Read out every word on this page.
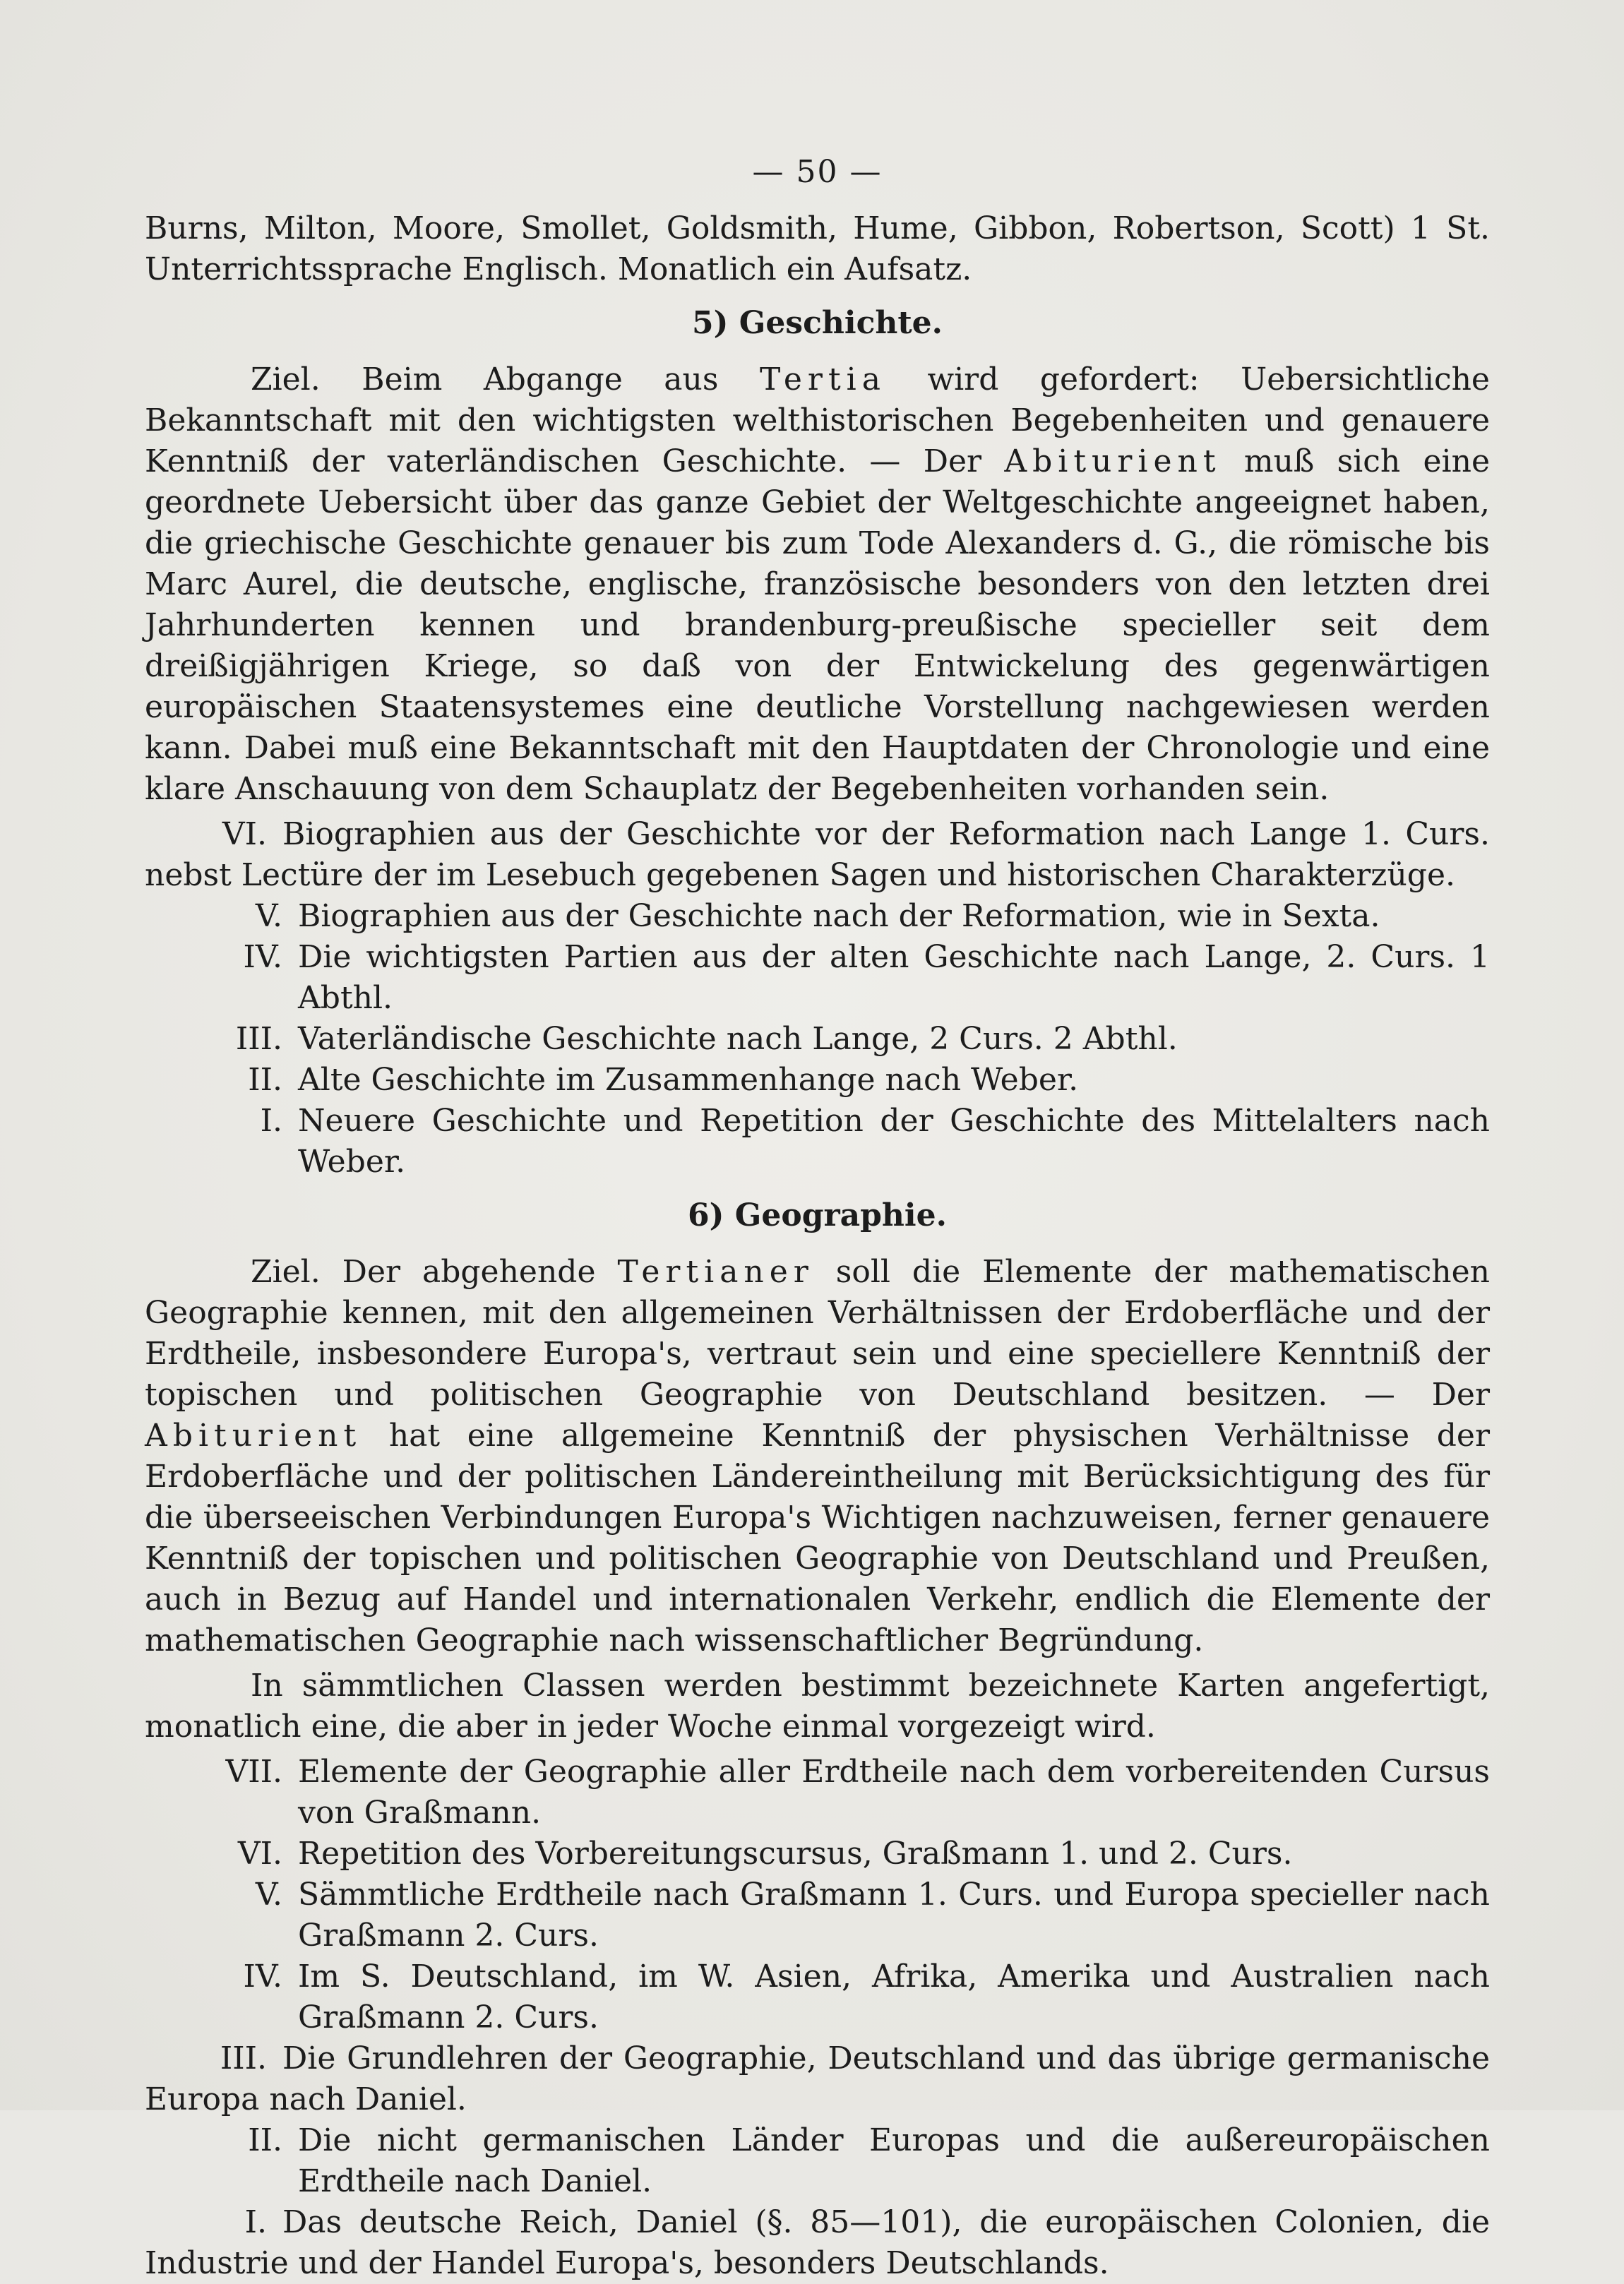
— 50 —

Burns, Milton, Moore, Smollet, Goldsmith, Hume, Gibbon, Robertson, Scott) 1 St. Unterrichtssprache Englisch. Monatlich ein Aufsatz.

5) Geschichte.

Ziel. Beim Abgange aus Tertia wird gefordert: Uebersichtliche Bekanntschaft mit den wichtigsten welthistorischen Begebenheiten und genauere Kenntniß der vaterländischen Geschichte. — Der Abiturient muß sich eine geordnete Uebersicht über das ganze Gebiet der Weltgeschichte angeeignet haben, die griechische Geschichte genauer bis zum Tode Alexanders d. G., die römische bis Marc Aurel, die deutsche, englische, französische besonders von den letzten drei Jahrhunderten kennen und brandenburg-preußische specieller seit dem dreißigjährigen Kriege, so daß von der Entwickelung des gegenwärtigen europäischen Staatensystemes eine deutliche Vorstellung nachgewiesen werden kann. Dabei muß eine Bekanntschaft mit den Hauptdaten der Chronologie und eine klare Anschauung von dem Schauplatz der Begebenheiten vorhanden sein.

VI. Biographien aus der Geschichte vor der Reformation nach Lange 1. Curs. nebst Lectüre der im Lesebuch gegebenen Sagen und historischen Charakterzüge.
V. Biographien aus der Geschichte nach der Reformation, wie in Sexta.
IV. Die wichtigsten Partien aus der alten Geschichte nach Lange, 2. Curs. 1 Abthl.
III. Vaterländische Geschichte nach Lange, 2 Curs. 2 Abthl.
II. Alte Geschichte im Zusammenhange nach Weber.
I. Neuere Geschichte und Repetition der Geschichte des Mittelalters nach Weber.
6) Geographie.

Ziel. Der abgehende Tertianer soll die Elemente der mathematischen Geographie kennen, mit den allgemeinen Verhältnissen der Erdoberfläche und der Erdtheile, insbesondere Europa's, vertraut sein und eine speciellere Kenntniß der topischen und politischen Geographie von Deutschland besitzen. — Der Abiturient hat eine allgemeine Kenntniß der physischen Verhältnisse der Erdoberfläche und der politischen Ländereintheilung mit Berücksichtigung des für die überseeischen Verbindungen Europa's Wichtigen nachzuweisen, ferner genauere Kenntniß der topischen und politischen Geographie von Deutschland und Preußen, auch in Bezug auf Handel und internationalen Verkehr, endlich die Elemente der mathematischen Geographie nach wissenschaftlicher Begründung.

In sämmtlichen Classen werden bestimmt bezeichnete Karten angefertigt, monatlich eine, die aber in jeder Woche einmal vorgezeigt wird.

VII. Elemente der Geographie aller Erdtheile nach dem vorbereitenden Cursus von Graßmann.
VI. Repetition des Vorbereitungscursus, Graßmann 1. und 2. Curs.
V. Sämmtliche Erdtheile nach Graßmann 1. Curs. und Europa specieller nach Graßmann 2. Curs.
IV. Im S. Deutschland, im W. Asien, Afrika, Amerika und Australien nach Graßmann 2. Curs.
III. Die Grundlehren der Geographie, Deutschland und das übrige germanische Europa nach Daniel.
II. Die nicht germanischen Länder Europas und die außereuropäischen Erdtheile nach Daniel.
I. Das deutsche Reich, Daniel (§. 85—101), die europäischen Colonien, die Industrie und der Handel Europa's, besonders Deutschlands.
